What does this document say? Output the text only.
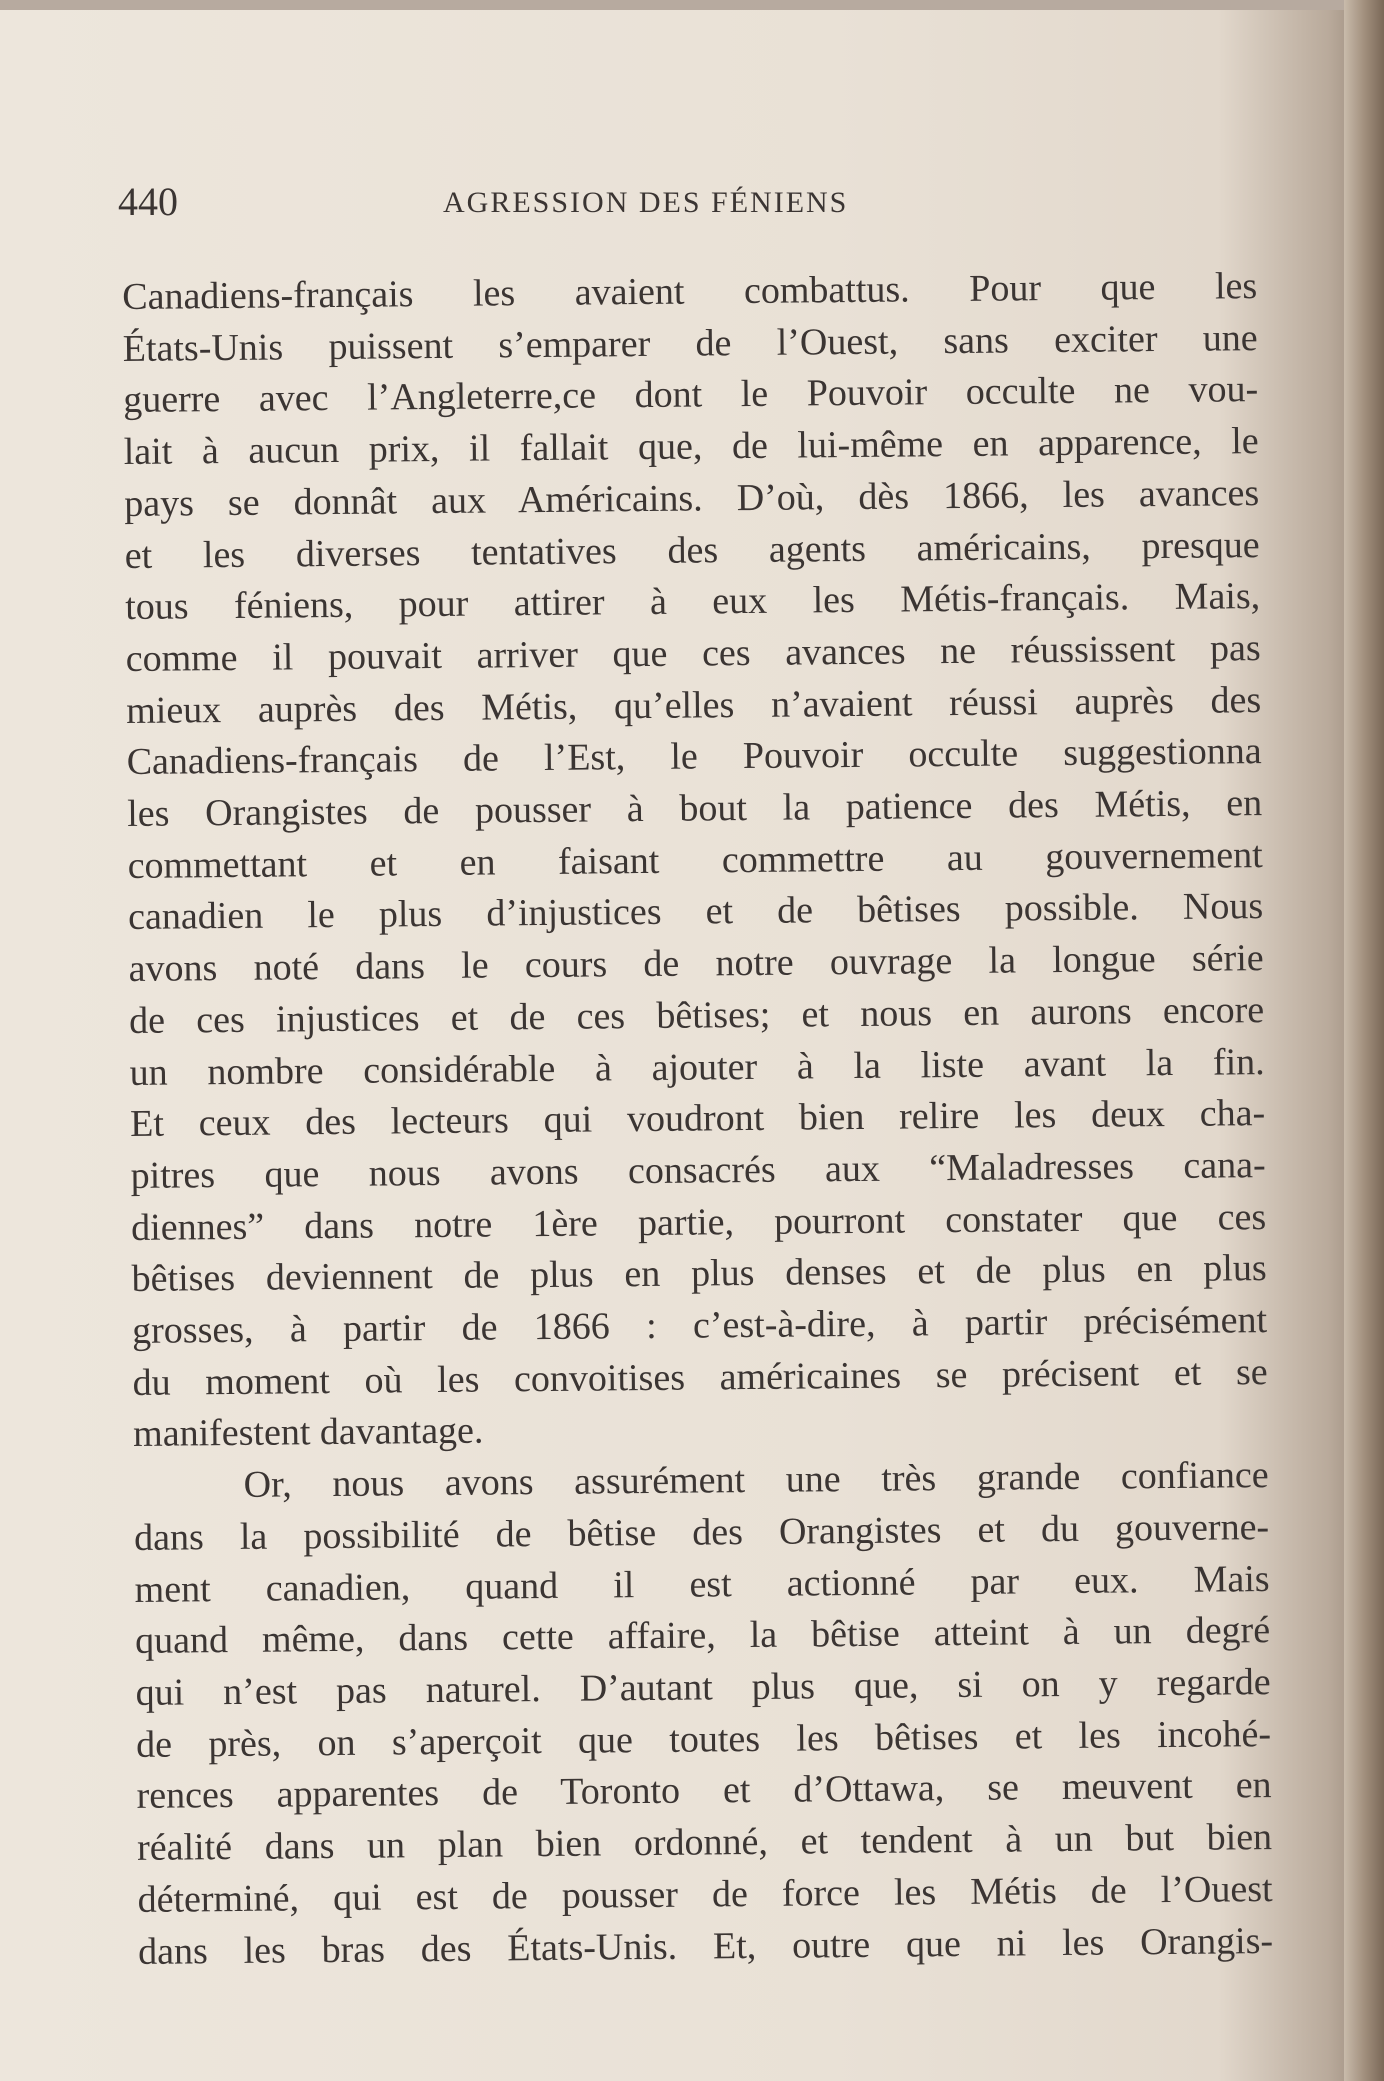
440	AGRESSION DES FÉNIENS
Canadiens-français les avaient combattus. Pour que les
États-Unis puissent s’emparer de l’Ouest, sans exciter une
guerre avec l’Angleterre,ce dont le Pouvoir occulte ne vou-
lait à aucun prix, il fallait que, de lui-même en apparence, le
pays se donnât aux Américains. D’où, dès 1866, les avances
et les diverses tentatives des agents américains, presque
tous féniens, pour attirer à eux les Métis-français. Mais,
comme il pouvait arriver que ces avances ne réussissent pas
mieux auprès des Métis, qu’elles n’avaient réussi auprès des
Canadiens-français de l’Est, le Pouvoir occulte suggestionna
les Orangistes de pousser à bout la patience des Métis, en
commettant et en faisant commettre au gouvernement
canadien le plus d’injustices et de bêtises possible. Nous
avons noté dans le cours de notre ouvrage la longue série
de ces injustices et de ces bêtises; et nous en aurons encore
un nombre considérable à ajouter à la liste avant la fin.
Et ceux des lecteurs qui voudront bien relire les deux cha-
pitres que nous avons consacrés aux “Maladresses cana-
diennes” dans notre 1ère partie, pourront constater que ces
bêtises deviennent de plus en plus denses et de plus en plus
grosses, à partir de 1866 : c’est-à-dire, à partir précisément
du moment où les convoitises américaines se précisent et se
manifestent davantage.
Or, nous avons assurément une très grande confiance
dans la possibilité de bêtise des Orangistes et du gouverne-
ment canadien, quand il est actionné par eux. Mais
quand même, dans cette affaire, la bêtise atteint à un degré
qui n’est pas naturel. D’autant plus que, si on y regarde
de près, on s’aperçoit que toutes les bêtises et les incohé-
rences apparentes de Toronto et d’Ottawa, se meuvent en
réalité dans un plan bien ordonné, et tendent à un but bien
déterminé, qui est de pousser de force les Métis de l’Ouest
dans les bras des États-Unis. Et, outre que ni les Orangis-
